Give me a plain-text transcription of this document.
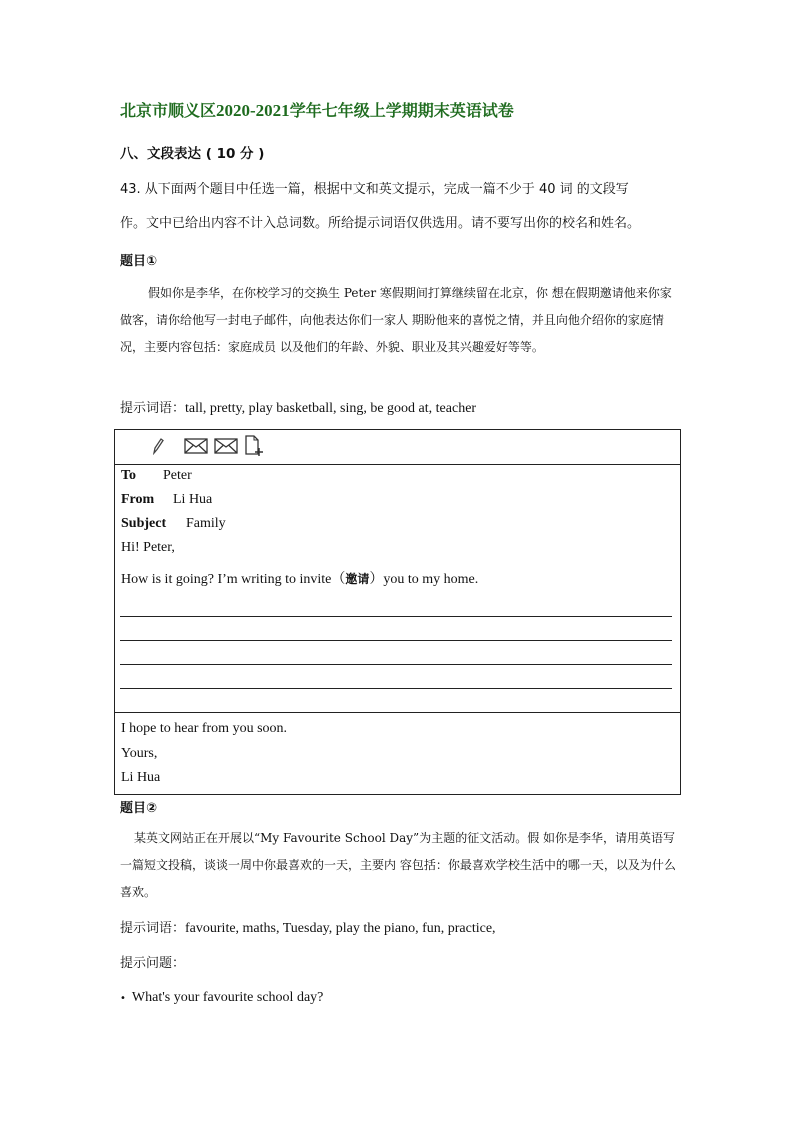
北京市顺义区2020-2021学年七年级上学期期末英语试卷
八、文段表达 ( 10 分 )
43. 从下面两个题目中任选一篇，根据中文和英文提示，完成一篇不少于 40 词 的文段写
作。文中已给出内容不计入总词数。所给提示词语仅供选用。请不要写出你的校名和姓名。
题目①
假如你是李华，在你校学习的交换生 Peter 寒假期间打算继续留在北京，你 想在假期邀请他来你家做客，请你给他写一封电子邮件，向他表达你们一家人 期盼他来的喜悦之情，并且向他介绍你的家庭情况，主要内容包括：家庭成员 以及他们的年龄、外貌、职业及其兴趣爱好等等。
提示词语：tall, pretty, play basketball, sing, be good at, teacher
To Peter
From Li Hua
Subject Family
Hi! Peter,
How is it going? I’m writing to invite（邀请）you to my home.
I hope to hear from you soon.
Yours,
Li Hua
题目②
某英文网站正在开展以“My Favourite School Day”为主题的征文活动。假 如你是李华，请用英语写一篇短文投稿，谈谈一周中你最喜欢的一天，主要内 容包括：你最喜欢学校生活中的哪一天，以及为什么喜欢。
提示词语：favourite, maths, Tuesday, play the piano, fun, practice,
提示问题：
• What's your favourite school day?
